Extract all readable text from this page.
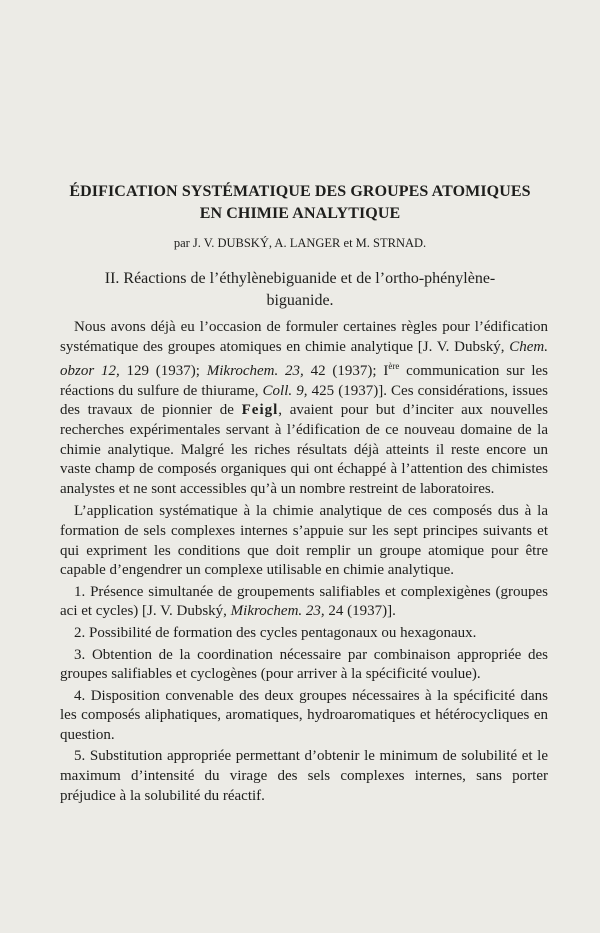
ÉDIFICATION SYSTÉMATIQUE DES GROUPES ATOMIQUES
EN CHIMIE ANALYTIQUE
par J. V. DUBSKÝ, A. LANGER et M. STRNAD.
II. Réactions de l’éthylènebiguanide et de l’ortho-phénylène-
biguanide.

Nous avons déjà eu l’occasion de formuler certaines règles pour l’édification systématique des groupes atomiques en chimie analytique [J. V. Dubský, Chem. obzor 12, 129 (1937); Mikrochem. 23, 42 (1937); Ière communication sur les réactions du sulfure de thiurame, Coll. 9, 425 (1937)]. Ces considérations, issues des travaux de pionnier de Feigl, avaient pour but d’inciter aux nouvelles recherches expérimentales servant à l’édification de ce nouveau domaine de la chimie analytique. Malgré les riches résultats déjà atteints il reste encore un vaste champ de composés organiques qui ont échappé à l’attention des chimistes analystes et ne sont accessibles qu’à un nombre restreint de laboratoires.

L’application systématique à la chimie analytique de ces composés dus à la formation de sels complexes internes s’appuie sur les sept principes suivants et qui expriment les conditions que doit remplir un groupe atomique pour être capable d’engendrer un complexe utilisable en chimie analytique.

1. Présence simultanée de groupements salifiables et complexigènes (groupes aci et cycles) [J. V. Dubský, Mikrochem. 23, 24 (1937)].

2. Possibilité de formation des cycles pentagonaux ou hexagonaux.

3. Obtention de la coordination nécessaire par combinaison appropriée des groupes salifiables et cyclogènes (pour arriver à la spécificité voulue).

4. Disposition convenable des deux groupes nécessaires à la spécificité dans les composés aliphatiques, aromatiques, hydroaromatiques et hétérocycliques en question.

5. Substitution appropriée permettant d’obtenir le minimum de solubilité et le maximum d’intensité du virage des sels complexes internes, sans porter préjudice à la solubilité du réactif.
